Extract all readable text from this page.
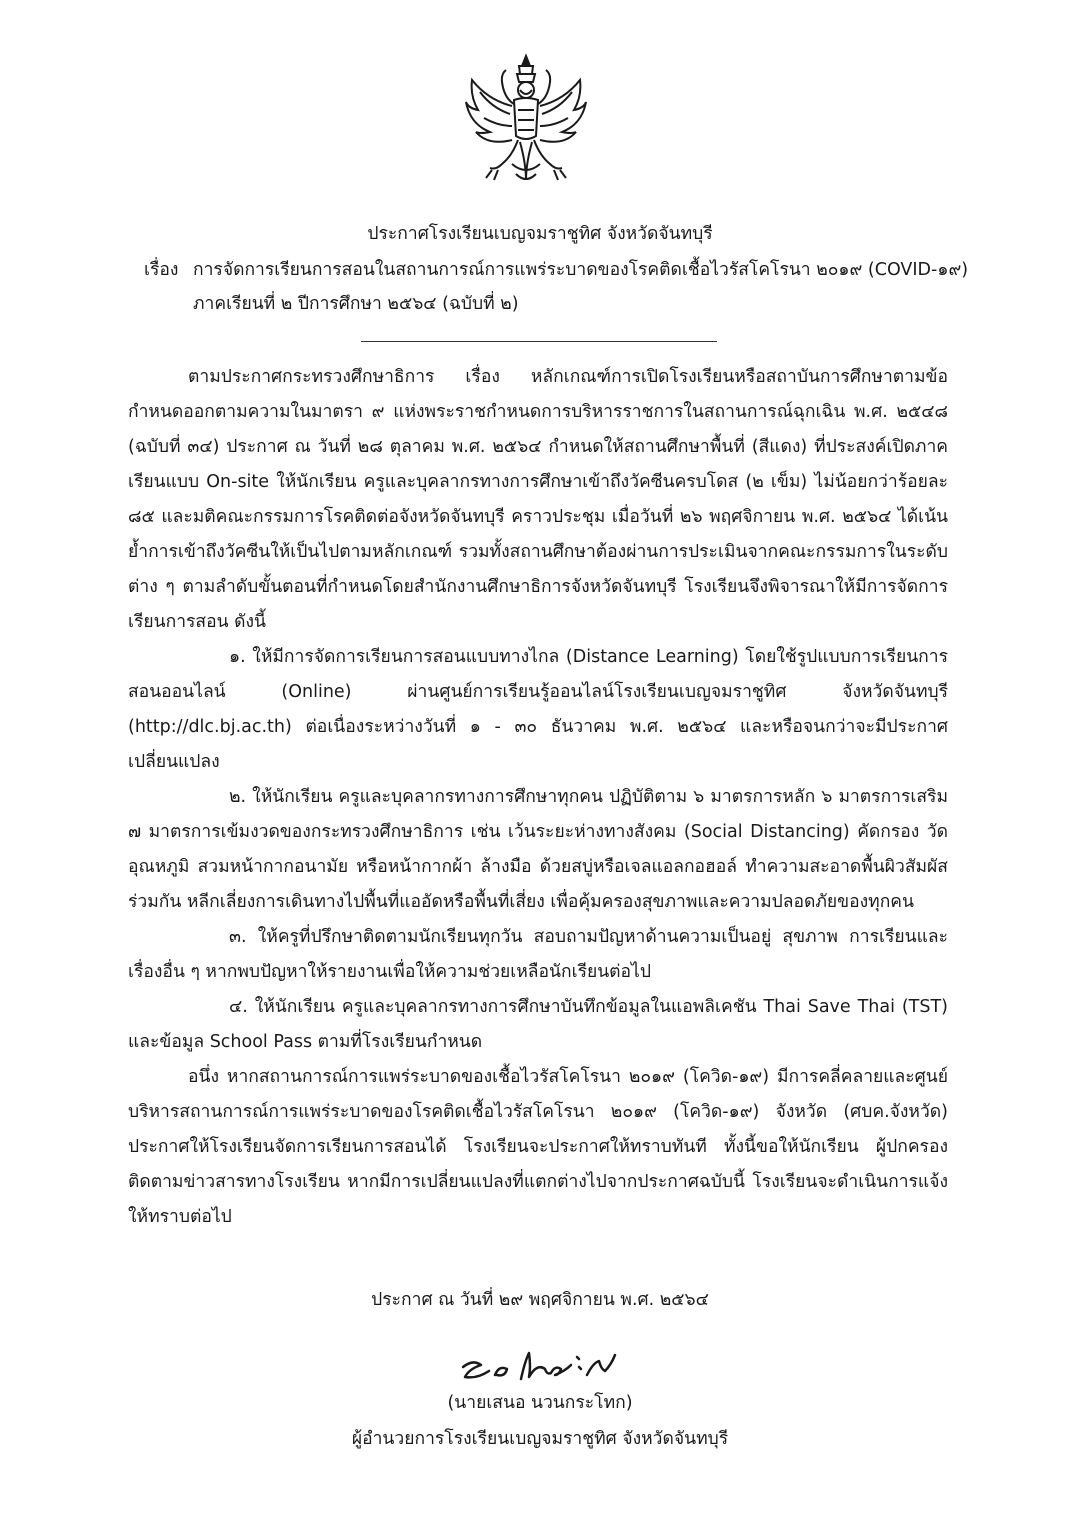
ประกาศโรงเรียนเบญจมราชูทิศ จังหวัดจันทบุรี
เรื่อง การจัดการเรียนการสอนในสถานการณ์การแพร่ระบาดของโรคติดเชื้อไวรัสโคโรนา ๒๐๑๙ (COVID-๑๙)
ภาคเรียนที่ ๒ ปีการศึกษา ๒๕๖๔ (ฉบับที่ ๒)

ตามประกาศกระทรวงศึกษาธิการ เรื่อง หลักเกณฑ์การเปิดโรงเรียนหรือสถาบันการศึกษาตามข้อกำหนดออกตามความในมาตรา ๙ แห่งพระราชกำหนดการบริหารราชการในสถานการณ์ฉุกเฉิน พ.ศ. ๒๕๔๘ (ฉบับที่ ๓๔) ประกาศ ณ วันที่ ๒๘ ตุลาคม พ.ศ. ๒๕๖๔ กำหนดให้สถานศึกษาพื้นที่ (สีแดง) ที่ประสงค์เปิดภาคเรียนแบบ On-site ให้นักเรียน ครูและบุคลากรทางการศึกษาเข้าถึงวัคซีนครบโดส (๒ เข็ม) ไม่น้อยกว่าร้อยละ ๘๕ และมติคณะกรรมการโรคติดต่อจังหวัดจันทบุรี คราวประชุม เมื่อวันที่ ๒๖ พฤศจิกายน พ.ศ. ๒๕๖๔ ได้เน้นย้ำการเข้าถึงวัคซีนให้เป็นไปตามหลักเกณฑ์ รวมทั้งสถานศึกษาต้องผ่านการประเมินจากคณะกรรมการในระดับต่าง ๆ ตามลำดับขั้นตอนที่กำหนดโดยสำนักงานศึกษาธิการจังหวัดจันทบุรี โรงเรียนจึงพิจารณาให้มีการจัดการเรียนการสอน ดังนี้

๑. ให้มีการจัดการเรียนการสอนแบบทางไกล (Distance Learning) โดยใช้รูปแบบการเรียนการสอนออนไลน์ (Online) ผ่านศูนย์การเรียนรู้ออนไลน์โรงเรียนเบญจมราชูทิศ จังหวัดจันทบุรี (http://dlc.bj.ac.th) ต่อเนื่องระหว่างวันที่ ๑ - ๓๐ ธันวาคม พ.ศ. ๒๕๖๔ และหรือจนกว่าจะมีประกาศเปลี่ยนแปลง

๒. ให้นักเรียน ครูและบุคลากรทางการศึกษาทุกคน ปฏิบัติตาม ๖ มาตรการหลัก ๖ มาตรการเสริม ๗ มาตรการเข้มงวดของกระทรวงศึกษาธิการ เช่น เว้นระยะห่างทางสังคม (Social Distancing) คัดกรอง วัดอุณหภูมิ สวมหน้ากากอนามัย หรือหน้ากากผ้า ล้างมือ ด้วยสบู่หรือเจลแอลกอฮอล์ ทำความสะอาดพื้นผิวสัมผัสร่วมกัน หลีกเลี่ยงการเดินทางไปพื้นที่แออัดหรือพื้นที่เสี่ยง เพื่อคุ้มครองสุขภาพและความปลอดภัยของทุกคน

๓. ให้ครูที่ปรึกษาติดตามนักเรียนทุกวัน สอบถามปัญหาด้านความเป็นอยู่ สุขภาพ การเรียนและเรื่องอื่น ๆ หากพบปัญหาให้รายงานเพื่อให้ความช่วยเหลือนักเรียนต่อไป

๔. ให้นักเรียน ครูและบุคลากรทางการศึกษาบันทึกข้อมูลในแอพลิเคชัน Thai Save Thai (TST) และข้อมูล School Pass ตามที่โรงเรียนกำหนด

อนึ่ง หากสถานการณ์การแพร่ระบาดของเชื้อไวรัสโคโรนา ๒๐๑๙ (โควิด-๑๙) มีการคลี่คลายและศูนย์บริหารสถานการณ์การแพร่ระบาดของโรคติดเชื้อไวรัสโคโรนา ๒๐๑๙ (โควิด-๑๙) จังหวัด (ศบค.จังหวัด) ประกาศให้โรงเรียนจัดการเรียนการสอนได้ โรงเรียนจะประกาศให้ทราบทันที ทั้งนี้ขอให้นักเรียน ผู้ปกครองติดตามข่าวสารทางโรงเรียน หากมีการเปลี่ยนแปลงที่แตกต่างไปจากประกาศฉบับนี้ โรงเรียนจะดำเนินการแจ้งให้ทราบต่อไป

ประกาศ ณ วันที่ ๒๙ พฤศจิกายน พ.ศ. ๒๕๖๔
(นายเสนอ นวนกระโทก)
ผู้อำนวยการโรงเรียนเบญจมราชูทิศ จังหวัดจันทบุรี
